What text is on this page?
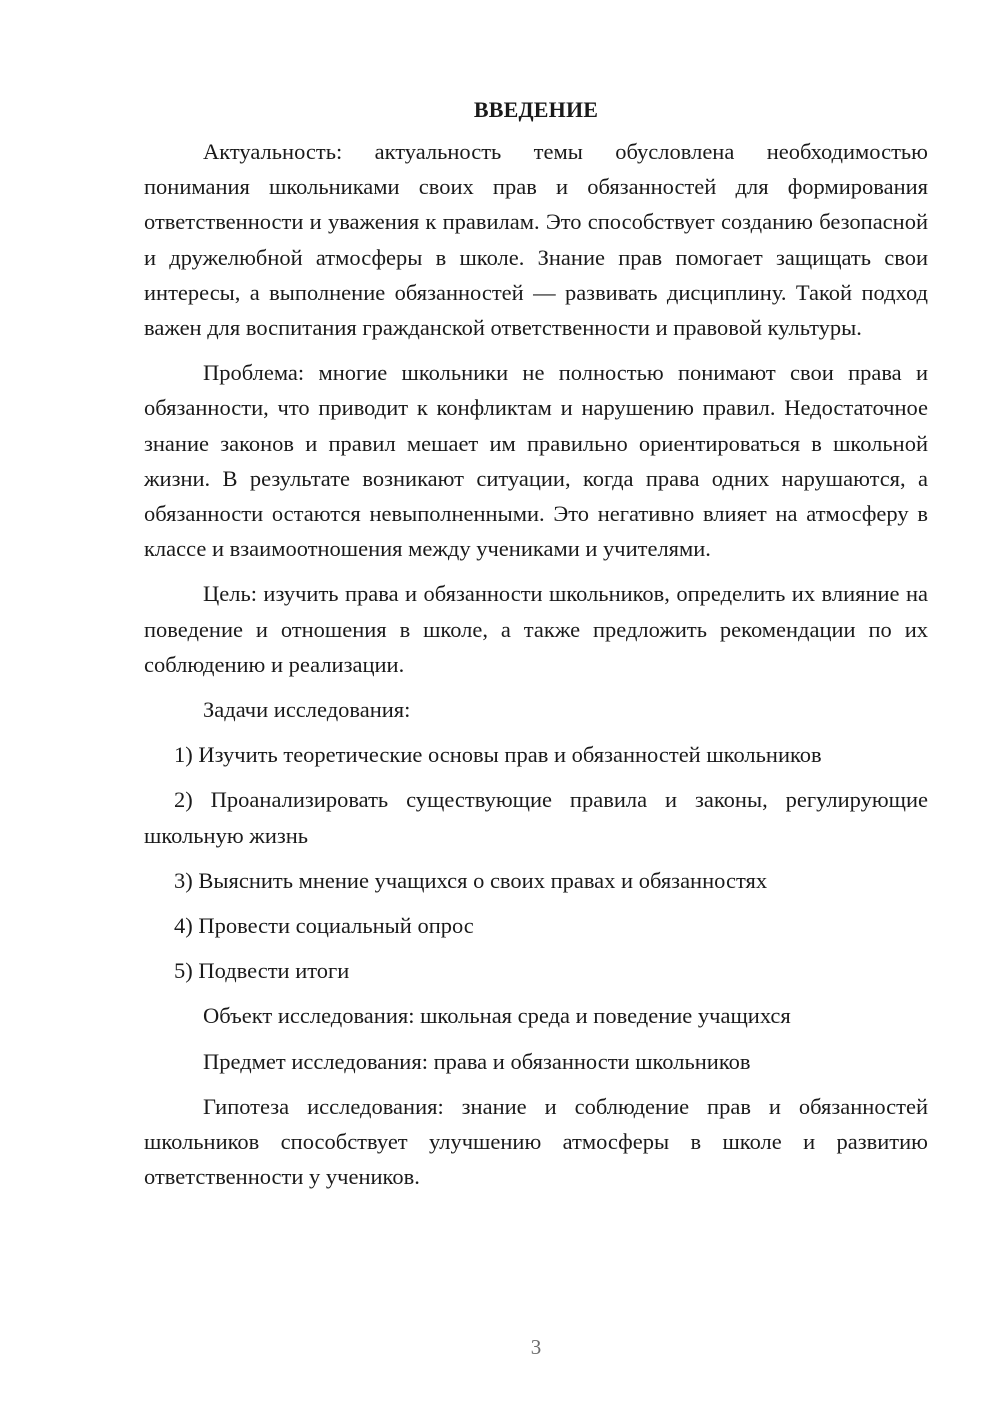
ВВЕДЕНИЕ

Актуальность: актуальность темы обусловлена необходимостью понимания школьниками своих прав и обязанностей для формирования ответственности и уважения к правилам. Это способствует созданию безопасной и дружелюбной атмосферы в школе. Знание прав помогает защищать свои интересы, а выполнение обязанностей — развивать дисциплину. Такой подход важен для воспитания гражданской ответственности и правовой культуры.

Проблема: многие школьники не полностью понимают свои права и обязанности, что приводит к конфликтам и нарушению правил. Недостаточное знание законов и правил мешает им правильно ориентироваться в школьной жизни. В результате возникают ситуации, когда права одних нарушаются, а обязанности остаются невыполненными. Это негативно влияет на атмосферу в классе и взаимоотношения между учениками и учителями.

Цель: изучить права и обязанности школьников, определить их влияние на поведение и отношения в школе, а также предложить рекомендации по их соблюдению и реализации.

Задачи исследования:

1) Изучить теоретические основы прав и обязанностей школьников

2) Проанализировать существующие правила и законы, регулирующие школьную жизнь

3) Выяснить мнение учащихся о своих правах и обязанностях

4) Провести социальный опрос

5) Подвести итоги

Объект исследования: школьная среда и поведение учащихся

Предмет исследования: права и обязанности школьников

Гипотеза исследования: знание и соблюдение прав и обязанностей школьников способствует улучшению атмосферы в школе и развитию ответственности у учеников.

3
